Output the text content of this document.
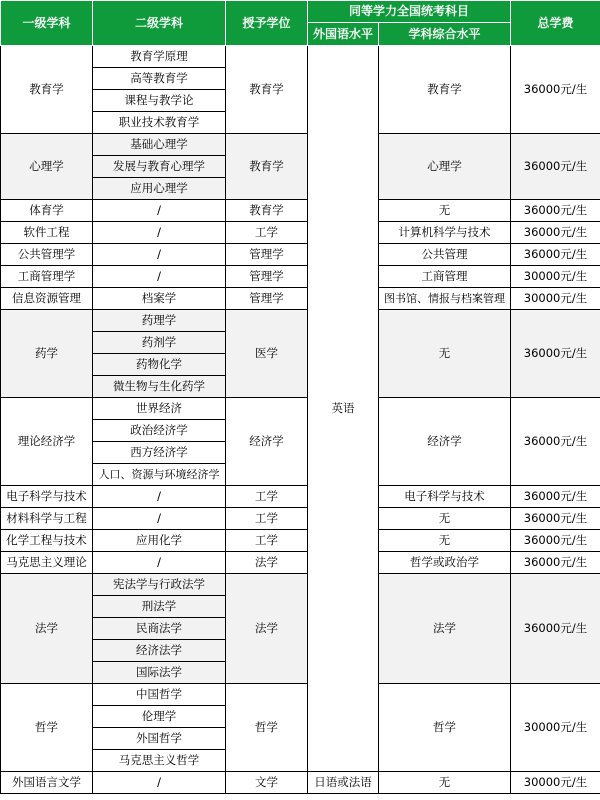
一级学科	二级学科	授予学位	同等学力全国统考科目		总学费
			外国语水平	学科综合水平	
教育学	教育学原理	教育学	英语	教育学	36000元/生
	高等教育学				
	课程与教学论				
	职业技术教育学				
心理学	基础心理学	教育学		心理学	36000元/生
	发展与教育心理学				
	应用心理学				
体育学	/	教育学		无	36000元/生
软件工程	/	工学		计算机科学与技术	36000元/生
公共管理学	/	管理学		公共管理	36000元/生
工商管理学	/	管理学		工商管理	30000元/生
信息资源管理	档案学	管理学		图书馆、情报与档案管理	30000元/生
药学	药理学	医学		无	36000元/生
	药剂学				
	药物化学				
	微生物与生化药学				
理论经济学	世界经济	经济学		经济学	36000元/生
	政治经济学				
	西方经济学				
	人口、资源与环境经济学				
电子科学与技术	/	工学		电子科学与技术	36000元/生
材料科学与工程	/	工学		无	36000元/生
化学工程与技术	应用化学	工学		无	36000元/生
马克思主义理论	/	法学		哲学或政治学	36000元/生
法学	宪法学与行政法学	法学		法学	36000元/生
	刑法学				
	民商法学				
	经济法学				
	国际法学				
哲学	中国哲学	哲学		哲学	30000元/生
	伦理学				
	外国哲学				
	马克思主义哲学				
外国语言文学	/	文学	日语或法语	无	30000元/生
